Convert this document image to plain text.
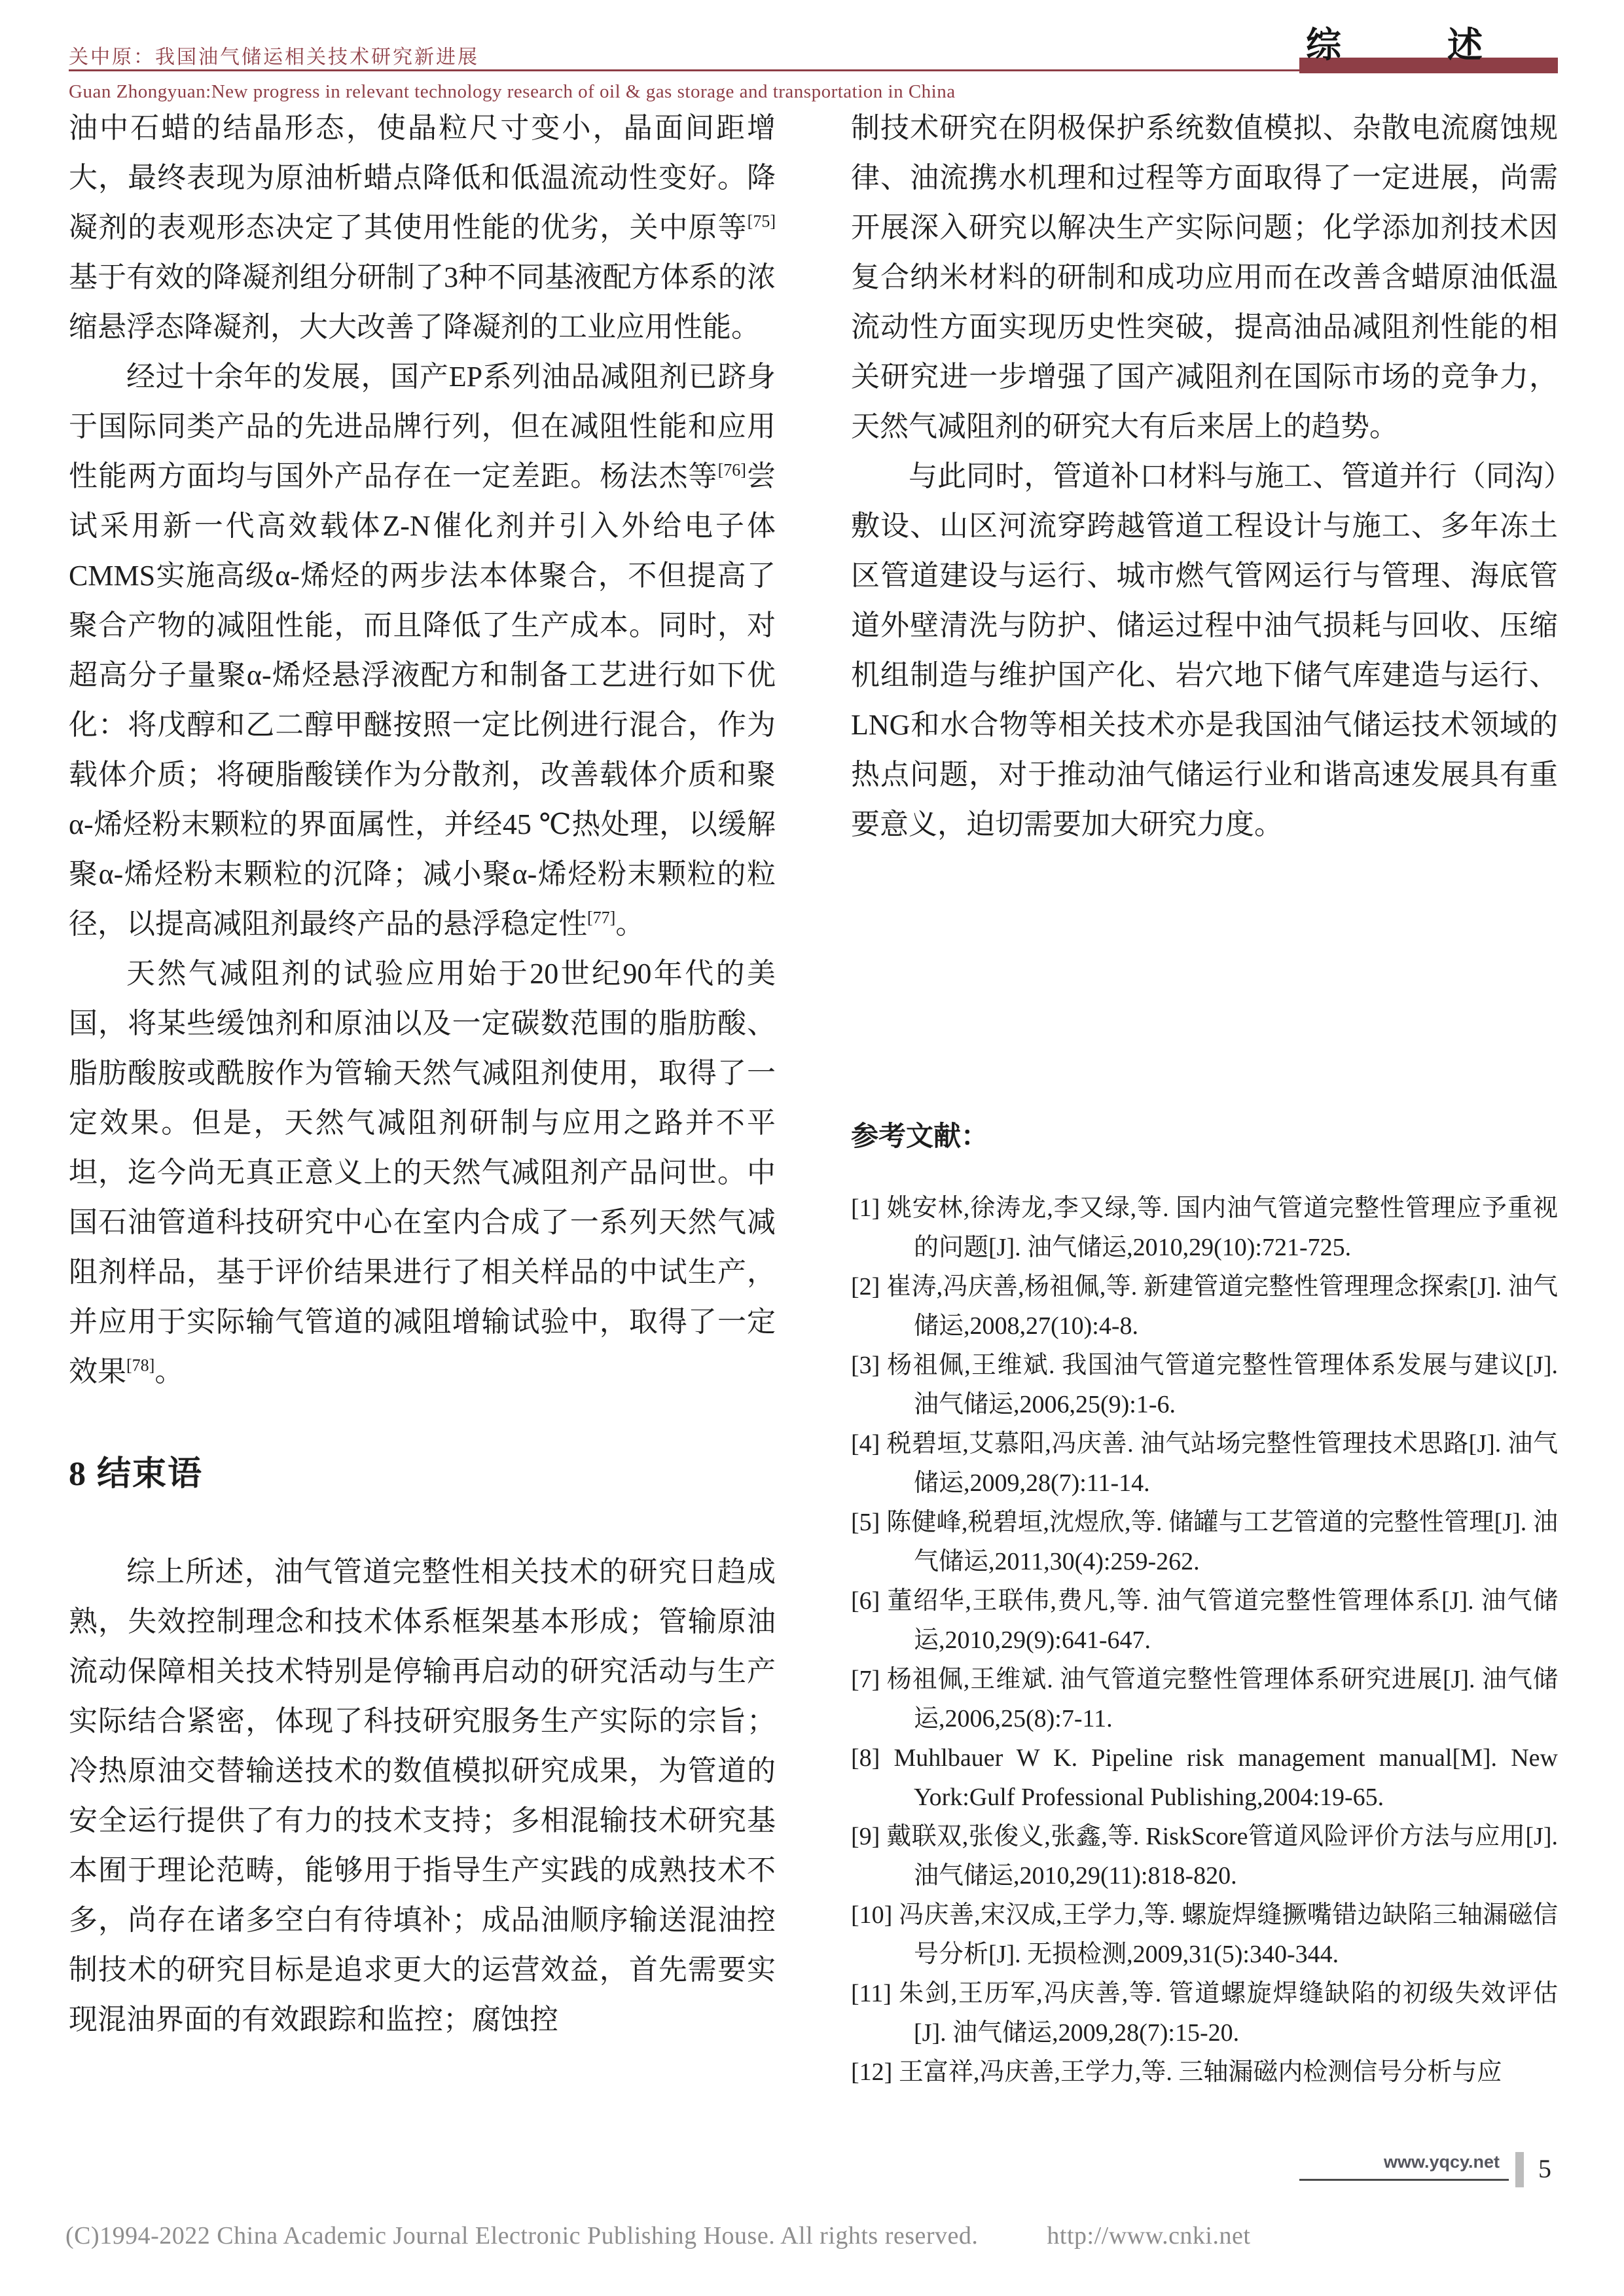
关中原：我国油气储运相关技术研究新进展	综　　　述
Guan Zhongyuan:New progress in relevant technology research of oil & gas storage and transportation in China

油中石蜡的结晶形态，使晶粒尺寸变小，晶面间距增大，最终表现为原油析蜡点降低和低温流动性变好。降凝剂的表观形态决定了其使用性能的优劣，关中原等[75]基于有效的降凝剂组分研制了3种不同基液配方体系的浓缩悬浮态降凝剂，大大改善了降凝剂的工业应用性能。

经过十余年的发展，国产EP系列油品减阻剂已跻身于国际同类产品的先进品牌行列，但在减阻性能和应用性能两方面均与国外产品存在一定差距。杨法杰等[76]尝试采用新一代高效载体Z-N催化剂并引入外给电子体CMMS实施高级α-烯烃的两步法本体聚合，不但提高了聚合产物的减阻性能，而且降低了生产成本。同时，对超高分子量聚α-烯烃悬浮液配方和制备工艺进行如下优化：将戊醇和乙二醇甲醚按照一定比例进行混合，作为载体介质；将硬脂酸镁作为分散剂，改善载体介质和聚α-烯烃粉末颗粒的界面属性，并经45 ℃热处理，以缓解聚α-烯烃粉末颗粒的沉降；减小聚α-烯烃粉末颗粒的粒径，以提高减阻剂最终产品的悬浮稳定性[77]。

天然气减阻剂的试验应用始于20世纪90年代的美国，将某些缓蚀剂和原油以及一定碳数范围的脂肪酸、脂肪酸胺或酰胺作为管输天然气减阻剂使用，取得了一定效果。但是，天然气减阻剂研制与应用之路并不平坦，迄今尚无真正意义上的天然气减阻剂产品问世。中国石油管道科技研究中心在室内合成了一系列天然气减阻剂样品，基于评价结果进行了相关样品的中试生产，并应用于实际输气管道的减阻增输试验中，取得了一定效果[78]。

8 结束语

综上所述，油气管道完整性相关技术的研究日趋成熟，失效控制理念和技术体系框架基本形成；管输原油流动保障相关技术特别是停输再启动的研究活动与生产实际结合紧密，体现了科技研究服务生产实际的宗旨；冷热原油交替输送技术的数值模拟研究成果，为管道的安全运行提供了有力的技术支持；多相混输技术研究基本囿于理论范畴，能够用于指导生产实践的成熟技术不多，尚存在诸多空白有待填补；成品油顺序输送混油控制技术的研究目标是追求更大的运营效益，首先需要实现混油界面的有效跟踪和监控；腐蚀控

制技术研究在阴极保护系统数值模拟、杂散电流腐蚀规律、油流携水机理和过程等方面取得了一定进展，尚需开展深入研究以解决生产实际问题；化学添加剂技术因复合纳米材料的研制和成功应用而在改善含蜡原油低温流动性方面实现历史性突破，提高油品减阻剂性能的相关研究进一步增强了国产减阻剂在国际市场的竞争力，天然气减阻剂的研究大有后来居上的趋势。

与此同时，管道补口材料与施工、管道并行（同沟）敷设、山区河流穿跨越管道工程设计与施工、多年冻土区管道建设与运行、城市燃气管网运行与管理、海底管道外壁清洗与防护、储运过程中油气损耗与回收、压缩机组制造与维护国产化、岩穴地下储气库建造与运行、LNG和水合物等相关技术亦是我国油气储运技术领域的热点问题，对于推动油气储运行业和谐高速发展具有重要意义，迫切需要加大研究力度。

参考文献：
[1] 姚安林,徐涛龙,李又绿,等. 国内油气管道完整性管理应予重视的问题[J]. 油气储运,2010,29(10):721-725.
[2] 崔涛,冯庆善,杨祖佩,等. 新建管道完整性管理理念探索[J]. 油气储运,2008,27(10):4-8.
[3] 杨祖佩,王维斌. 我国油气管道完整性管理体系发展与建议[J]. 油气储运,2006,25(9):1-6.
[4] 税碧垣,艾慕阳,冯庆善. 油气站场完整性管理技术思路[J]. 油气储运,2009,28(7):11-14.
[5] 陈健峰,税碧垣,沈煜欣,等. 储罐与工艺管道的完整性管理[J]. 油气储运,2011,30(4):259-262.
[6] 董绍华,王联伟,费凡,等. 油气管道完整性管理体系[J]. 油气储运,2010,29(9):641-647.
[7] 杨祖佩,王维斌. 油气管道完整性管理体系研究进展[J]. 油气储运,2006,25(8):7-11.
[8] Muhlbauer W K. Pipeline risk management manual[M]. New York:Gulf Professional Publishing,2004:19-65.
[9] 戴联双,张俊义,张鑫,等. RiskScore管道风险评价方法与应用[J]. 油气储运,2010,29(11):818-820.
[10] 冯庆善,宋汉成,王学力,等. 螺旋焊缝撅嘴错边缺陷三轴漏磁信号分析[J]. 无损检测,2009,31(5):340-344.
[11] 朱剑,王历军,冯庆善,等. 管道螺旋焊缝缺陷的初级失效评估[J]. 油气储运,2009,28(7):15-20.
[12] 王富祥,冯庆善,王学力,等. 三轴漏磁内检测信号分析与应
www.yqcy.net	5
(C)1994-2022 China Academic Journal Electronic Publishing House. All rights reserved.	http://www.cnki.net
